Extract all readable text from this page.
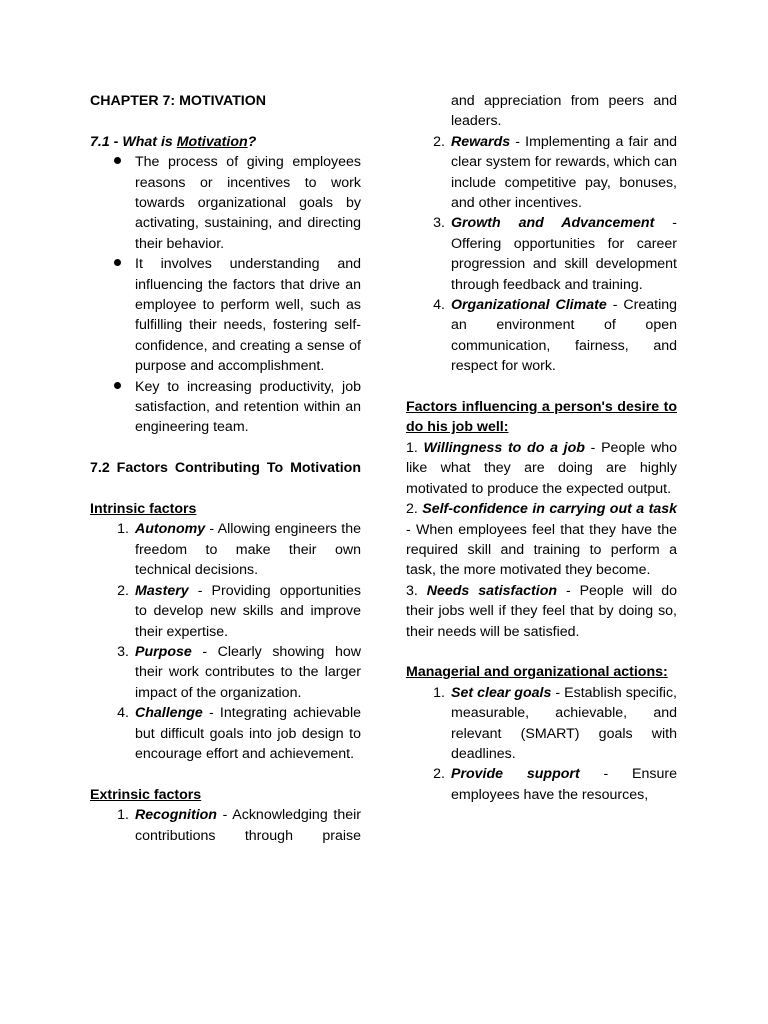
CHAPTER 7: MOTIVATION

7.1 - What is Motivation?

The process of giving employees reasons or incentives to work towards organizational goals by activating, sustaining, and directing their behavior.
It involves understanding and influencing the factors that drive an employee to perform well, such as fulfilling their needs, fostering self-confidence, and creating a sense of purpose and accomplishment.
Key to increasing productivity, job satisfaction, and retention within an engineering team.

7.2 Factors Contributing To Motivation

Intrinsic factors

1. Autonomy - Allowing engineers the freedom to make their own technical decisions.
2. Mastery - Providing opportunities to develop new skills and improve their expertise.
3. Purpose - Clearly showing how their work contributes to the larger impact of the organization.
4. Challenge - Integrating achievable but difficult goals into job design to encourage effort and achievement.

Extrinsic factors

1. Recognition - Acknowledging their contributions through praise
and appreciation from peers and leaders.
2. Rewards - Implementing a fair and clear system for rewards, which can include competitive pay, bonuses, and other incentives.
3. Growth and Advancement - Offering opportunities for career progression and skill development through feedback and training.
4. Organizational Climate - Creating an environment of open communication, fairness, and respect for work.

Factors influencing a person's desire to do his job well:

1. Willingness to do a job - People who like what they are doing are highly motivated to produce the expected output.

2. Self-confidence in carrying out a task - When employees feel that they have the required skill and training to perform a task, the more motivated they become.

3. Needs satisfaction - People will do their jobs well if they feel that by doing so, their needs will be satisfied.

Managerial and organizational actions:

1. Set clear goals - Establish specific, measurable, achievable, and relevant (SMART) goals with deadlines.
2. Provide support - Ensure employees have the resources,
